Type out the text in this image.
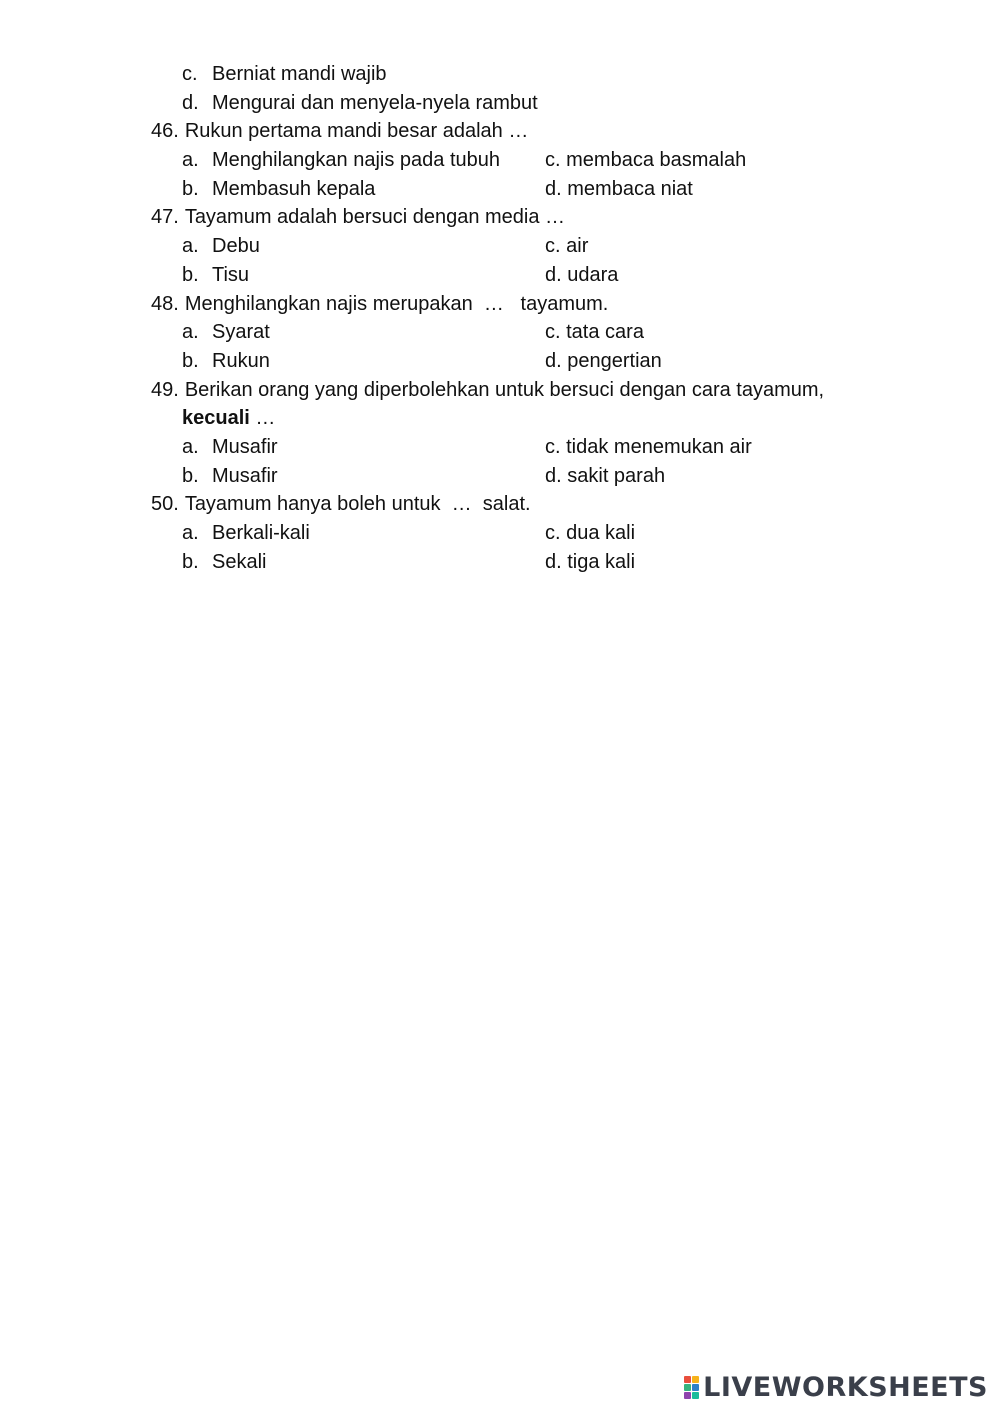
c. Berniat mandi wajib
d. Mengurai dan menyela-nyela rambut
46. Rukun pertama mandi besar adalah …
a. Menghilangkan najis pada tubuh c. membaca basmalah
b. Membasuh kepala	d. membaca niat
47. Tayamum adalah bersuci dengan media …
a. Debu	c. air
b. Tisu	d. udara
48. Menghilangkan najis merupakan  …   tayamum.
a. Syarat	c. tata cara
b. Rukun	d. pengertian
49. Berikan orang yang diperbolehkan untuk bersuci dengan cara tayamum,
kecuali …
a. Musafir	c. tidak menemukan air
b. Musafir	d. sakit parah
50. Tayamum hanya boleh untuk  …  salat.
a. Berkali-kali	c. dua kali
b. Sekali	d. tiga kali
LIVEWORKSHEETS
